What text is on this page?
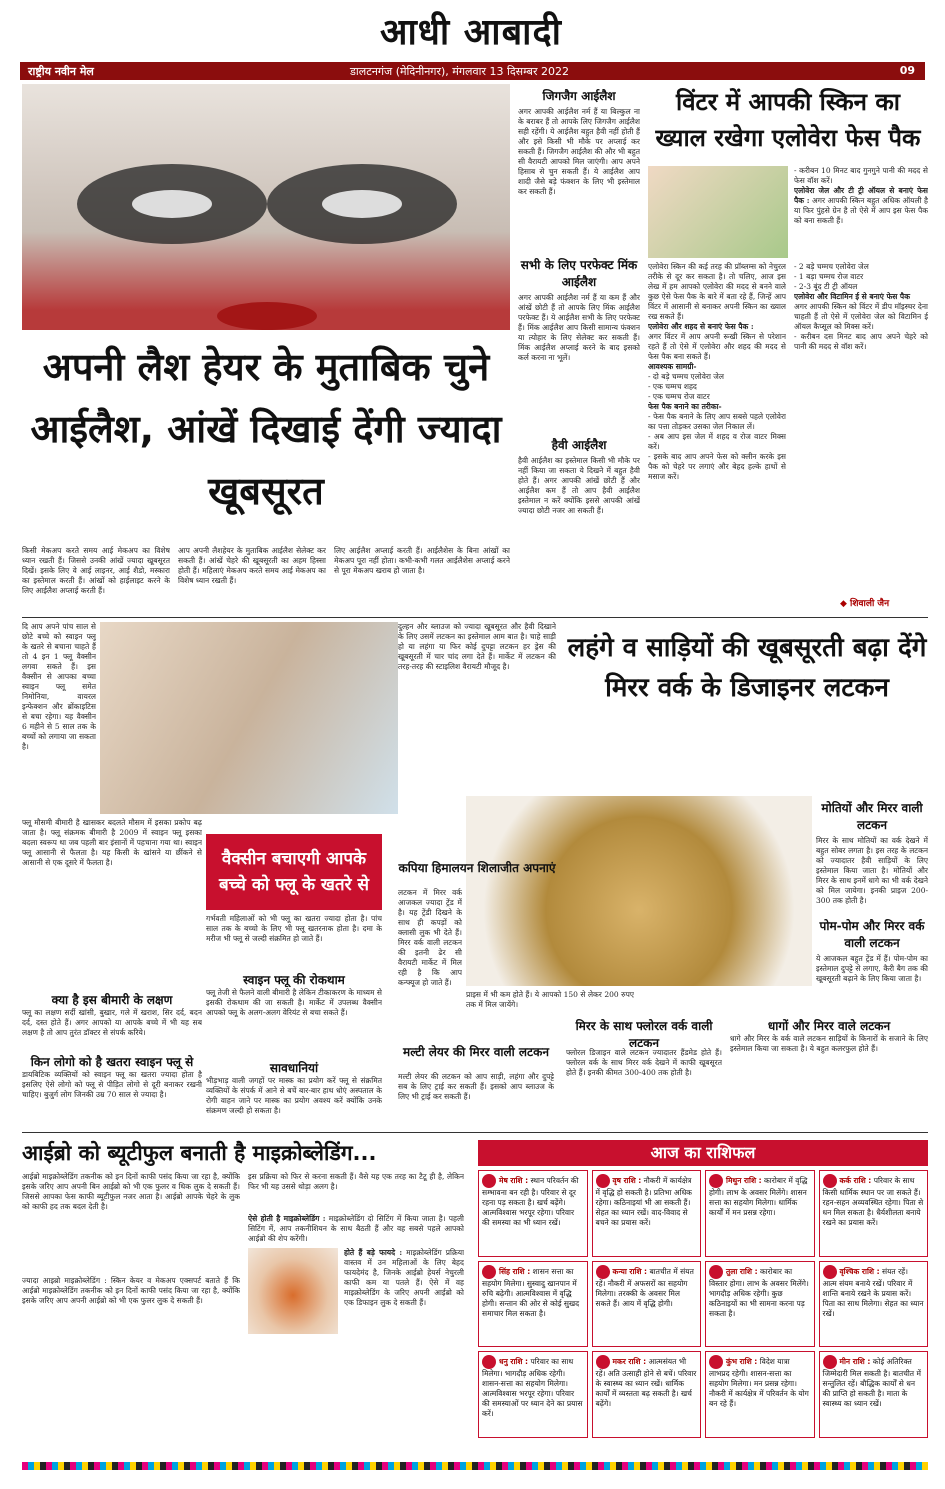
आधी आबादी
राष्ट्रीय नवीन मेल	डालटनगंज (मेदिनीनगर), मंगलवार 13 दिसम्बर 2022	09
अपनी लैश हेयर के मुताबिक चुने आईलैश, आंखें दिखाई देंगी ज्यादा खूबसूरत
किसी मेकअप करते समय आई मेकअप का विशेष ध्यान रखती हैं। जिससे उनकी आंखें ज्यादा खूबसूरत दिखें। इसके लिए वे आई लाइनर, आई शैडो, मस्कारा का इस्तेमाल करती हैं। आंखों को हाईलाइट करने के लिए आईलैश अप्लाई करती हैं।
आप अपनी लैशहेयर के मुताबिक आईलैश सेलेक्ट कर सकती हैं। आंखें चेहरे की खूबसूरती का अहम हिस्सा होती हैं। महिलाएं मेकअप करते समय आई मेकअप का विशेष ध्यान रखती हैं।
लिए आईलैश अप्लाई करती हैं। आईलैशेस के बिना आंखों का मेकअप पूरा नहीं होता। कभी-कभी गलत आईलैशेस अप्लाई करने से पूरा मेकअप खराब हो जाता है।
जिगजैग आईलैश
अगर आपकी आईलैश नर्म हैं या बिल्कुल ना के बराबर हैं तो आपके लिए जिगजैग आईलैश सही रहेंगी। ये आईलैश बहुत हैवी नहीं होती हैं और इसे किसी भी मौके पर अप्लाई कर सकती हैं। जिगजैग आईलैश की और भी बहुत सी वैरायटी आपको मिल जाएंगी। आप अपने हिसाब से चुन सकती हैं। ये आईलैश आप शादी जैसे बड़े फंक्शन के लिए भी इस्तेमाल कर सकती हैं।
सभी के लिए परफेक्ट मिंक आईलैश
अगर आपकी आईलैश नर्म हैं या कम हैं और आंखें छोटी हैं तो आपके लिए मिंक आईलैश परफेक्ट हैं। ये आईलैश सभी के लिए परफेक्ट हैं। मिंक आईलैश आप किसी सामान्य फंक्शन या त्योहार के लिए सेलेक्ट कर सकती हैं। मिंक आईलैश अप्लाई करने के बाद इसको कर्ल करना ना भूलें।
हैवी आईलैश
हैवी आईलैश का इस्तेमाल किसी भी मौके पर नहीं किया जा सकता ये दिखने में बहुत हैवी होते हैं। अगर आपकी आंखें छोटी हैं और आईलैश कम हैं तो आप हैवी आईलैश इस्तेमाल न करें क्योंकि इससे आपकी आंखें ज्यादा छोटी नजर आ सकती हैं।
विंटर में आपकी स्किन का ख्याल रखेगा एलोवेरा फेस पैक
- करीबन 10 मिनट बाद गुनगुने पानी की मदद से फेस वॉश करें।
एलोवेरा जेल और टी ट्री ऑयल से बनाएं फेस पैक : अगर आपकी स्किन बहुत अधिक ऑयली है या फिर पुंहसे ग्रेन है तो ऐसे में आप इस फेस पैक को बना सकती हैं।
एलोवेरा स्किन की कई तरह की प्रॉब्लम्स को नेचुरल तरीके से दूर कर सकता है। तो चलिए, आज इस लेख में हम आपको एलोवेरा की मदद से बनने वाले कुछ ऐसे फेस पैक के बारे में बता रहे हैं, जिन्हें आप विंटर में आसानी से बनाकर अपनी स्किन का ख्याल रख सकते हैं।
एलोवेरा और शहद से बनाएं फेस पैक :
अगर विंटर में आप अपनी रूखी स्किन से परेशान रहते हैं तो ऐसे में एलोवेरा और शहद की मदद से फेस पैक बना सकते हैं।
आवश्यक सामग्री-
- दो बड़े चम्मच एलोवेरा जेल
- एक चम्मच शहद
- एक चम्मच रोज वाटर
फेस पैक बनाने का तरीका-
- फेस पैक बनाने के लिए आप सबसे पहले एलोवेरा का पत्ता तोड़कर उसका जेल निकाल लें।
- अब आप इस जेल में शहद व रोज वाटर मिक्स करें।
- इसके बाद आप अपने फेस को क्लीन करके इस पैक को चेहरे पर लगाएं और बेहद हल्के हाथों से मसाज करें।
- 2 बड़े चम्मच एलोवेरा जेल
- 1 बड़ा चम्मच रोज वाटर
- 2-3 बूंद टी ट्री ऑयल
एलोवेरा और विटामिन ई से बनाएं फेस पैक
अगर आपकी स्किन को विंटर में डीप मॉइस्चर देना चाहती हैं तो ऐसे में एलोवेरा जेल को विटामिन ई ऑयल कैप्सूल को मिक्स करें।
- करीबन दस मिनट बाद आप अपने चेहरे को पानी की मदद से वॉश करें।
◆ शिवाली जैन
दि आप अपने पांच साल से छोटे बच्चे को स्वाइन फ्लू के खतरे से बचाना चाहते हैं तो 4 इन 1 फ्लू वैक्सीन लगवा सकते हैं। इस वैक्सीन से आपका बच्चा स्वाइन फ्लू समेत निमोनिया, वायरल इन्फेक्शन और ब्रोंकाइटिस से बचा रहेगा। यह वैक्सीन 6 महीने से 5 साल तक के बच्चों को लगाया जा सकता है।
फ्लू मौसमी बीमारी है खासकर बदलते मौसम में इसका प्रकोप बढ़ जाता है। फ्लू संक्रमक बीमारी है 2009 में स्वाइन फ्लू इसका बदला स्वरूप था जब पहली बार इंसानों में पहचाना गया था। स्वाइन फ्लू आसानी से फैलता है। यह किसी के खांसने या छींकने से आसानी से एक दूसरे में फैलता है।	वैक्सीन बचाएगी आपके बच्चे को फ्लू के खतरे से
क्या है इस बीमारी के लक्षण
फ्लू का लक्षण सर्दी खांसी, बुखार, गले में खराश, सिर दर्द, बदन दर्द, दस्त होते हैं। अगर आपको या आपके बच्चे में भी यह सब लक्षण है तो आप तुरंत डॉक्टर से संपर्क करिये।
किन लोगो को है खतरा स्वाइन फ्लू से
डायबिटिक व्यक्तियों को स्वाइन फ्लू का खतरा ज्यादा होता है इसलिए ऐसे लोगो को फ्लू से पीड़ित लोगो से दूरी बनाकर रखनी चाहिए। बुजुर्ग लोग जिनकी उम्र 70 साल से ज्यादा है।
गर्भवती महिलाओं को भी फ्लू का खतरा ज्यादा होता है। पांच साल तक के बच्चो के लिए भी फ्लू खतरनाक होता है। दमा के मरीज भी फ्लू से जल्दी संक्रमित हो जाते हैं।
स्वाइन फ्लू की रोकथाम
फ्लू तेजी से फैलने वाली बीमारी है लेकिन टीकाकरण के माध्यम से इसकी रोकथाम की जा सकती है। मार्केट में उपलब्ध वैक्सीन आपको फ्लू के अलग-अलग वेरियंट से बचा सकते हैं।
सावधानियां
भीड़भाड़ वाली जगहों पर मास्क का प्रयोग करें फ्लू से संक्रमित व्यक्तियों के संपर्क में आने से बचें बार-बार हाथ धोएं अस्पताल के रोगी वाहन जाने पर मास्क का प्रयोग अवश्य करें क्योंकि उनके संक्रमण जल्दी हो सकता है।
दुल्हन और ब्लाउज को ज्यादा खूबसूरत और हैवी दिखाने के लिए उसमें लटकन का इस्तेमाल आम बात है। चाहे साड़ी हो या लहंगा या फिर कोई दुपट्टा लटकन हर ड्रेस की खूबसूरती में चार चांद लगा देते हैं। मार्केट में लटकन की तरह-तरह की स्टाइलिश वैरायटी मौजूद है।
लहंगे व साड़ियों की खूबसूरती बढ़ा देंगे मिरर वर्क के डिजाइनर लटकन
मोतियों और मिरर वाली लटकन
मिरर के साथ मोतियों का वर्क देखने में बहुत सोबर लगता है। इस तरह के लटकन को ज्यादातर हैवी साड़ियों के लिए इस्तेमाल किया जाता है। मोतियों और मिरर के साथ इनमें धागे का भी वर्क देखने को मिल जायेगा। इनकी प्राइज 200-300 तक होती है।
पोम-पोम और मिरर वर्क वाली लटकन
ये आजकल बहुत ट्रेंड में हैं। पोम-पोम का इस्तेमाल दुपट्टे से लगाए, कैरी बैग तक की खूबसूरती बढ़ाने के लिए किया जाता है।
कपिया हिमालयन शिलाजीत अपनाएं
लटकन में मिरर वर्क आजकल ज्यादा ट्रेंड में है। यह ट्रेंडी दिखने के साथ ही कपड़ों को क्लासी लुक भी देते हैं। मिरर वर्क वाली लटकन की इतनी ढेर सी वैरायटी मार्केट में मिल रही है कि आप कन्फ्यूज हो जाते हैं।
प्राइस में भी कम होते हैं। ये आपको 150 से लेकर 200 रुपए तक में मिल जायेंगे।
मल्टी लेयर की मिरर वाली लटकन
मल्टी लेयर की लटकन को आप साड़ी, लहंगा और दुपट्टे सब के लिए ट्राई कर सकती हैं। इसको आप ब्लाउज के लिए भी ट्राई कर सकती हैं।
मिरर के साथ फ्लोरल वर्क वाली लटकन
फ्लोरल डिजाइन वाले लटकन ज्यादातर हैंडमेड होते हैं। फ्लोरल वर्क के साथ मिरर वर्क देखने में काफी खूबसूरत होते हैं। इनकी कीमत 300-400 तक होती है।
धागों और मिरर वाले लटकन
धागे और मिरर के वर्क वाले लटकन साड़ियों के किनारों के सजाने के लिए इस्तेमाल किया जा सकता है। ये बहुत कलरफुल होते हैं।
आईब्रो को ब्यूटीफुल बनाती है माइक्रोब्लेडिंग...
आईब्रो माइक्रोब्लेडिंग तकनीक को इन दिनों काफी पसंद किया जा रहा है, क्योंकि इसके जरिए आप अपनी बिन आईब्रो को भी एक फुलर व थिक लुक दे सकती हैं। जिससे आपका फेस काफी ब्यूटीफुल नजर आता है। आईब्रो आपके चेहरे के लुक को काफी हद तक बदल देती है।
ज्यादा आइब्रो माइक्रोब्लेडिंग : स्किन केयर व मेकअप एक्सपर्ट बताते हैं कि आईब्रो माइक्रोब्लेडिंग तकनीक को इन दिनों काफी पसंद किया जा रहा है, क्योंकि इसके जरिए आप अपनी आईब्रो को भी एक फुलर लुक दे सकती हैं।
इस प्रक्रिया को फिर से करना सकती हैं। वैसे यह एक तरह का टैटू ही है, लेकिन फिर भी यह उससे थोड़ा अलग है।
ऐसे होती है माइक्रोब्लेडिंग : माइक्रोब्लेडिंग दो सिटिंग में किया जाता है। पहली सिटिंग में, आप तकनीशियन के साथ बैठती हैं और वह सबसे पहले आपको आईब्रो की शेप करेंगी।
होते हैं बड़े फायदे : माइक्रोब्लेडिंग प्रक्रिया वास्तव में उन महिलाओं के लिए बेहद फायदेमंद है, जिनके आईब्रो हेयर्स नेचुरली काफी कम या पतले हैं। ऐसे में वह माइक्रोब्लेडिंग के जरिए अपनी आईब्रो को एक डिफाइन लुक दे सकती हैं।
आज का राशिफल
मेष राशि : स्थान परिवर्तन की सम्भावना बन रही है। परिवार से दूर रहना पड़ सकता है। खर्च बढ़ेंगे। आत्मविश्वास भरपूर रहेगा। परिवार की समस्या का भी ध्यान रखें।
वृष राशि : नौकरी में कार्यक्षेत्र में वृद्धि हो सकती है। प्रतिभा अधिक रहेगा। कठिनाइयां भी आ सकती हैं। सेहत का ध्यान रखें। वाद-विवाद से बचने का प्रयास करें।
मिथुन राशि : कारोबार में वृद्धि होगी। लाभ के अवसर मिलेंगे। शासन सत्ता का सहयोग मिलेगा। धार्मिक कार्यों में मन प्रसन्न रहेगा।
कर्क राशि : परिवार के साथ किसी धार्मिक स्थान पर जा सकते हैं। रहन-सहन अव्यवस्थित रहेगा। पिता से धन मिल सकता है। धैर्यशीलता बनाये रखने का प्रयास करें।
सिंह राशि : शासन सत्ता का सहयोग मिलेगा। सुस्वादु खानपान में रुचि बढ़ेगी। आत्मविश्वास में वृद्धि होगी। सन्तान की ओर से कोई सुखद समाचार मिल सकता है।
कन्या राशि : बातचीत में संयत रहें। नौकरी में अफसरों का सहयोग मिलेगा। तरक्की के अवसर मिल सकते हैं। आय में वृद्धि होगी।
तुला राशि : कारोबार का विस्तार होगा। लाभ के अवसर मिलेंगे। भागदौड़ अधिक रहेगी। कुछ कठिनाइयों का भी सामना करना पड़ सकता है।
वृश्चिक राशि : संयत रहें। आत्म संयम बनाये रखें। परिवार में शान्ति बनाये रखने के प्रयास करें। पिता का साथ मिलेगा। सेहत का ध्यान रखें।
धनु राशि : परिवार का साथ मिलेगा। भागदौड़ अधिक रहेगी। शासन-सत्ता का सहयोग मिलेगा। आत्मविश्वास भरपूर रहेगा। परिवार की समस्याओं पर ध्यान देने का प्रयास करें।
मकर राशि : आत्मसंयत भी रहें। अति उत्साही होने से बचें। परिवार के स्वास्थ्य का ध्यान रखें। धार्मिक कार्यों में व्यस्तता बढ़ सकती है। खर्च बढ़ेंगे।
कुंभ राशि : विदेश यात्रा लाभप्रद रहेगी। शासन-सत्ता का सहयोग मिलेगा। मन प्रसन्न रहेगा। नौकरी में कार्यक्षेत्र में परिवर्तन के योग बन रहे हैं।
मीन राशि : कोई अतिरिक्त जिम्मेदारी मिल सकती है। बातचीत में सन्तुलित रहें। बौद्धिक कार्यों से धन की प्राप्ति हो सकती है। माता के स्वास्थ्य का ध्यान रखें।
